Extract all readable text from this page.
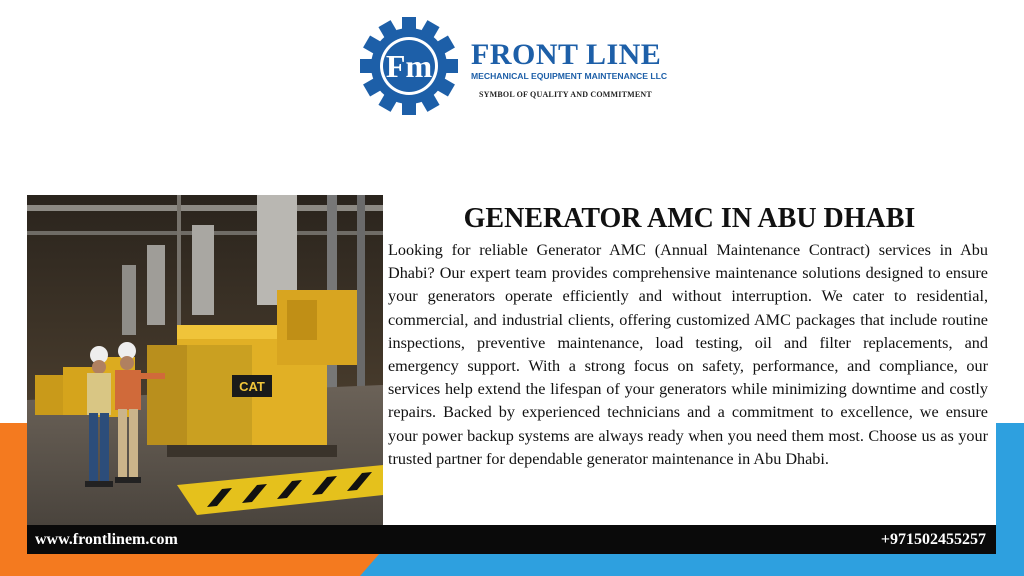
Fm FRONT LINE
MECHANICAL EQUIPMENT MAINTENANCE LLC
SYMBOL OF QUALITY AND COMMITMENT
CAT
GENERATOR AMC IN ABU DHABI

Looking for reliable Generator AMC (Annual Maintenance Contract) services in Abu Dhabi? Our expert team provides comprehensive maintenance solutions designed to ensure your generators operate efficiently and without interruption. We cater to residential, commercial, and industrial clients, offering customized AMC packages that include routine inspections, preventive maintenance, load testing, oil and filter replacements, and emergency support. With a strong focus on safety, performance, and compliance, our services help extend the lifespan of your generators while minimizing downtime and costly repairs. Backed by experienced technicians and a commitment to excellence, we ensure your power backup systems are always ready when you need them most. Choose us as your trusted partner for dependable generator maintenance in Abu Dhabi.

www.frontlinem.com	+971502455257
